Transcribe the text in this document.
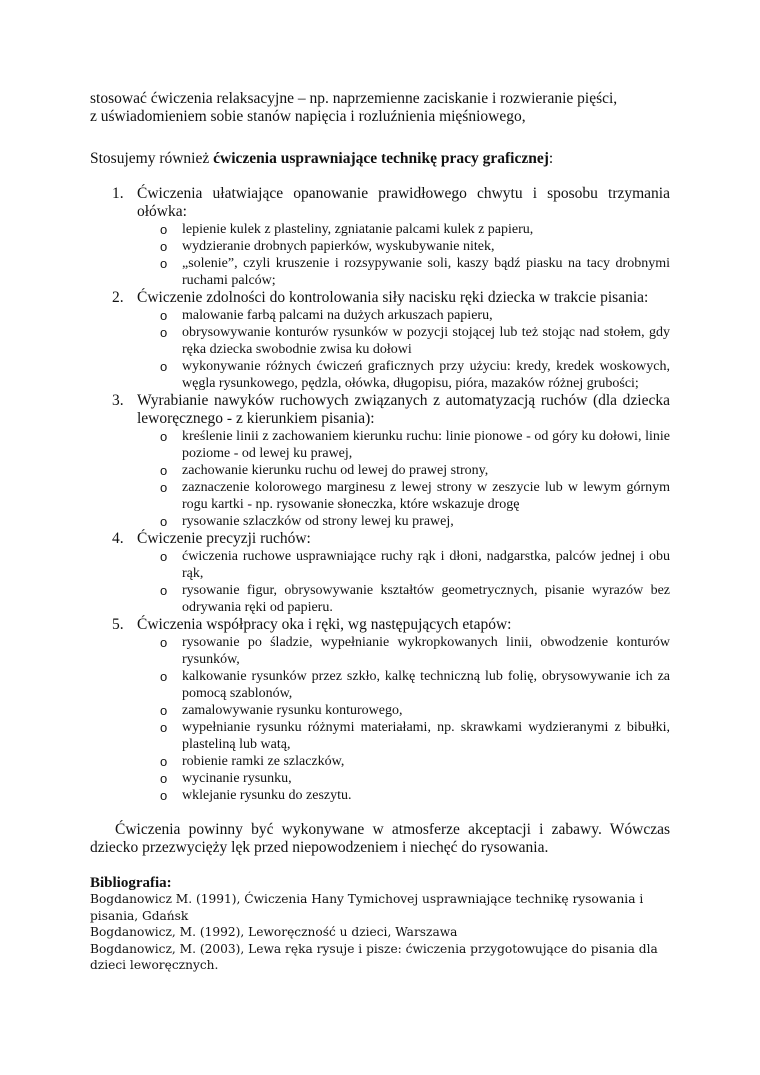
stosować ćwiczenia relaksacyjne – np. naprzemienne zaciskanie i rozwieranie pięści,
z uświadomieniem sobie stanów napięcia i rozluźnienia mięśniowego,

Stosujemy również ćwiczenia usprawniające technikę pracy graficznej:

1. Ćwiczenia ułatwiające opanowanie prawidłowego chwytu i sposobu trzymania ołówka:
o lepienie kulek z plasteliny, zgniatanie palcami kulek z papieru,
o wydzieranie drobnych papierków, wyskubywanie nitek,
o „solenie”, czyli kruszenie i rozsypywanie soli, kaszy bądź piasku na tacy drobnymi ruchami palców;
2. Ćwiczenie zdolności do kontrolowania siły nacisku ręki dziecka w trakcie pisania:
o malowanie farbą palcami na dużych arkuszach papieru,
o obrysowywanie konturów rysunków w pozycji stojącej lub też stojąc nad stołem, gdy ręka dziecka swobodnie zwisa ku dołowi
o wykonywanie różnych ćwiczeń graficznych przy użyciu: kredy, kredek woskowych, węgla rysunkowego, pędzla, ołówka, długopisu, pióra, mazaków różnej grubości;
3. Wyrabianie nawyków ruchowych związanych z automatyzacją ruchów (dla dziecka leworęcznego - z kierunkiem pisania):
o kreślenie linii z zachowaniem kierunku ruchu: linie pionowe - od góry ku dołowi, linie poziome - od lewej ku prawej,
o zachowanie kierunku ruchu od lewej do prawej strony,
o zaznaczenie kolorowego marginesu z lewej strony w zeszycie lub w lewym górnym rogu kartki - np. rysowanie słoneczka, które wskazuje drogę
o rysowanie szlaczków od strony lewej ku prawej,
4. Ćwiczenie precyzji ruchów:
o ćwiczenia ruchowe usprawniające ruchy rąk i dłoni, nadgarstka, palców jednej i obu rąk,
o rysowanie figur, obrysowywanie kształtów geometrycznych, pisanie wyrazów bez odrywania ręki od papieru.
5. Ćwiczenia współpracy oka i ręki, wg następujących etapów:
o rysowanie po śladzie, wypełnianie wykropkowanych linii, obwodzenie konturów rysunków,
o kalkowanie rysunków przez szkło, kalkę techniczną lub folię, obrysowywanie ich za pomocą szablonów,
o zamalowywanie rysunku konturowego,
o wypełnianie rysunku różnymi materiałami, np. skrawkami wydzieranymi z bibułki, plasteliną lub watą,
o robienie ramki ze szlaczków,
o wycinanie rysunku,
o wklejanie rysunku do zeszytu.

Ćwiczenia powinny być wykonywane w atmosferze akceptacji i zabawy. Wówczas dziecko przezwycięży lęk przed niepowodzeniem i niechęć do rysowania.

Bibliografia:
Bogdanowicz M. (1991), Ćwiczenia Hany Tymichovej usprawniające technikę rysowania i pisania, Gdańsk
Bogdanowicz, M. (1992), Leworęczność u dzieci, Warszawa
Bogdanowicz, M. (2003), Lewa ręka rysuje i pisze: ćwiczenia przygotowujące do pisania dla dzieci leworęcznych.
